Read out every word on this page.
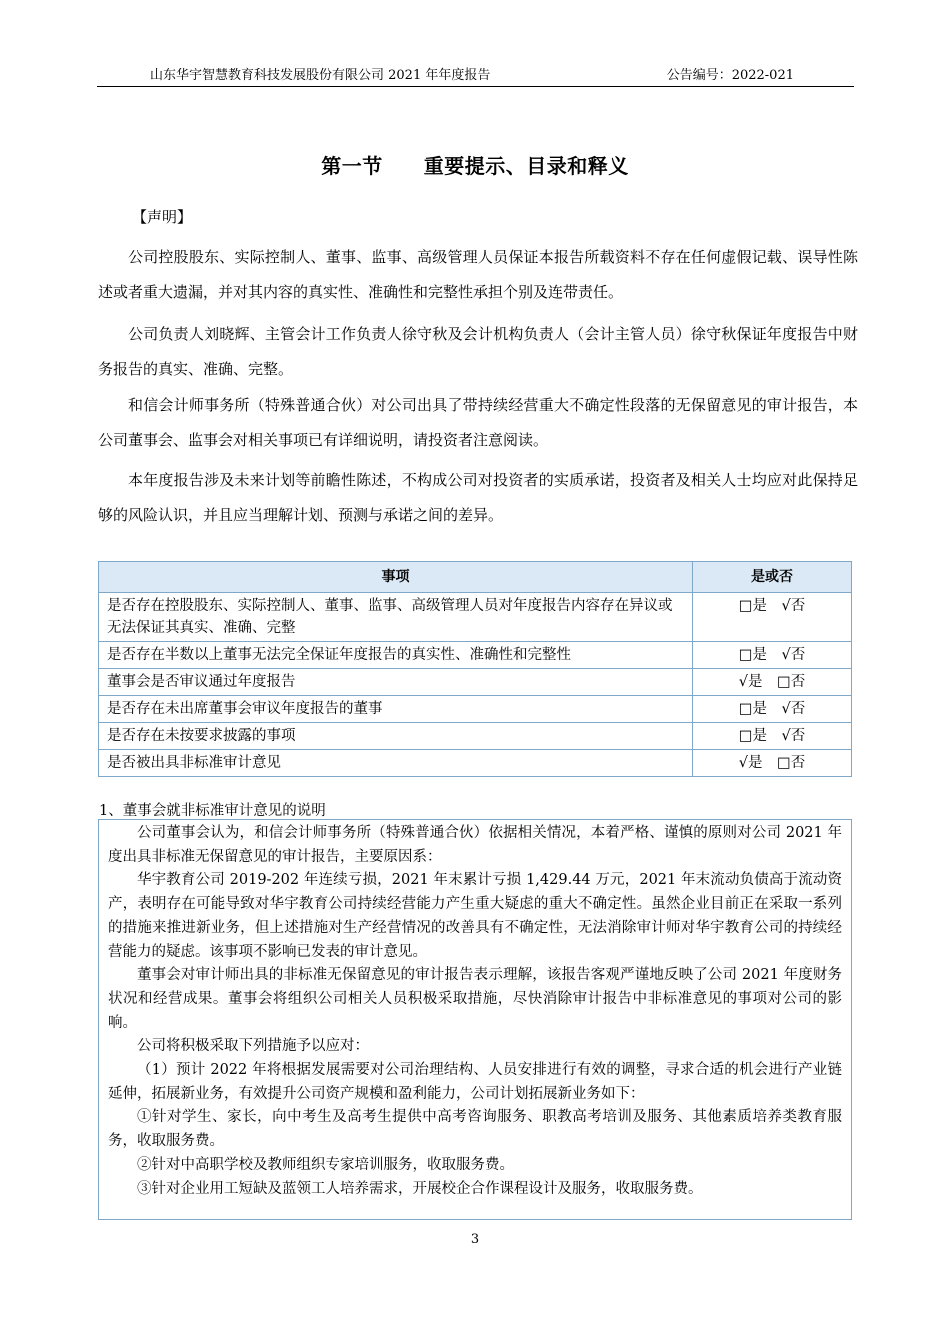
山东华宇智慧教育科技发展股份有限公司 2021 年年度报告	公告编号：2022-021
第一节　　重要提示、目录和释义
【声明】
公司控股股东、实际控制人、董事、监事、高级管理人员保证本报告所载资料不存在任何虚假记载、误导性陈述或者重大遗漏，并对其内容的真实性、准确性和完整性承担个别及连带责任。
公司负责人刘晓辉、主管会计工作负责人徐守秋及会计机构负责人（会计主管人员）徐守秋保证年度报告中财务报告的真实、准确、完整。
和信会计师事务所（特殊普通合伙）对公司出具了带持续经营重大不确定性段落的无保留意见的审计报告，本公司董事会、监事会对相关事项已有详细说明，请投资者注意阅读。
本年度报告涉及未来计划等前瞻性陈述，不构成公司对投资者的实质承诺，投资者及相关人士均应对此保持足够的风险认识，并且应当理解计划、预测与承诺之间的差异。
事项	是或否
是否存在控股股东、实际控制人、董事、监事、高级管理人员对年度报告内容存在异议或无法保证其真实、准确、完整	□是　√否
是否存在半数以上董事无法完全保证年度报告的真实性、准确性和完整性	□是　√否
董事会是否审议通过年度报告	√是　□否
是否存在未出席董事会审议年度报告的董事	□是　√否
是否存在未按要求披露的事项	□是　√否
是否被出具非标准审计意见	√是　□否
1、董事会就非标准审计意见的说明

公司董事会认为，和信会计师事务所（特殊普通合伙）依据相关情况，本着严格、谨慎的原则对公司 2021 年度出具非标准无保留意见的审计报告，主要原因系：

华宇教育公司 2019-202 年连续亏损，2021 年末累计亏损 1,429.44 万元，2021 年末流动负债高于流动资产，表明存在可能导致对华宇教育公司持续经营能力产生重大疑虑的重大不确定性。虽然企业目前正在采取一系列的措施来推进新业务，但上述措施对生产经营情况的改善具有不确定性，无法消除审计师对华宇教育公司的持续经营能力的疑虑。该事项不影响已发表的审计意见。

董事会对审计师出具的非标准无保留意见的审计报告表示理解，该报告客观严谨地反映了公司 2021 年度财务状况和经营成果。董事会将组织公司相关人员积极采取措施，尽快消除审计报告中非标准意见的事项对公司的影响。

公司将积极采取下列措施予以应对：

（1）预计 2022 年将根据发展需要对公司治理结构、人员安排进行有效的调整，寻求合适的机会进行产业链延伸，拓展新业务，有效提升公司资产规模和盈利能力，公司计划拓展新业务如下：

①针对学生、家长，向中考生及高考生提供中高考咨询服务、职教高考培训及服务、其他素质培养类教育服务，收取服务费。

②针对中高职学校及教师组织专家培训服务，收取服务费。

③针对企业用工短缺及蓝领工人培养需求，开展校企合作课程设计及服务，收取服务费。

3
